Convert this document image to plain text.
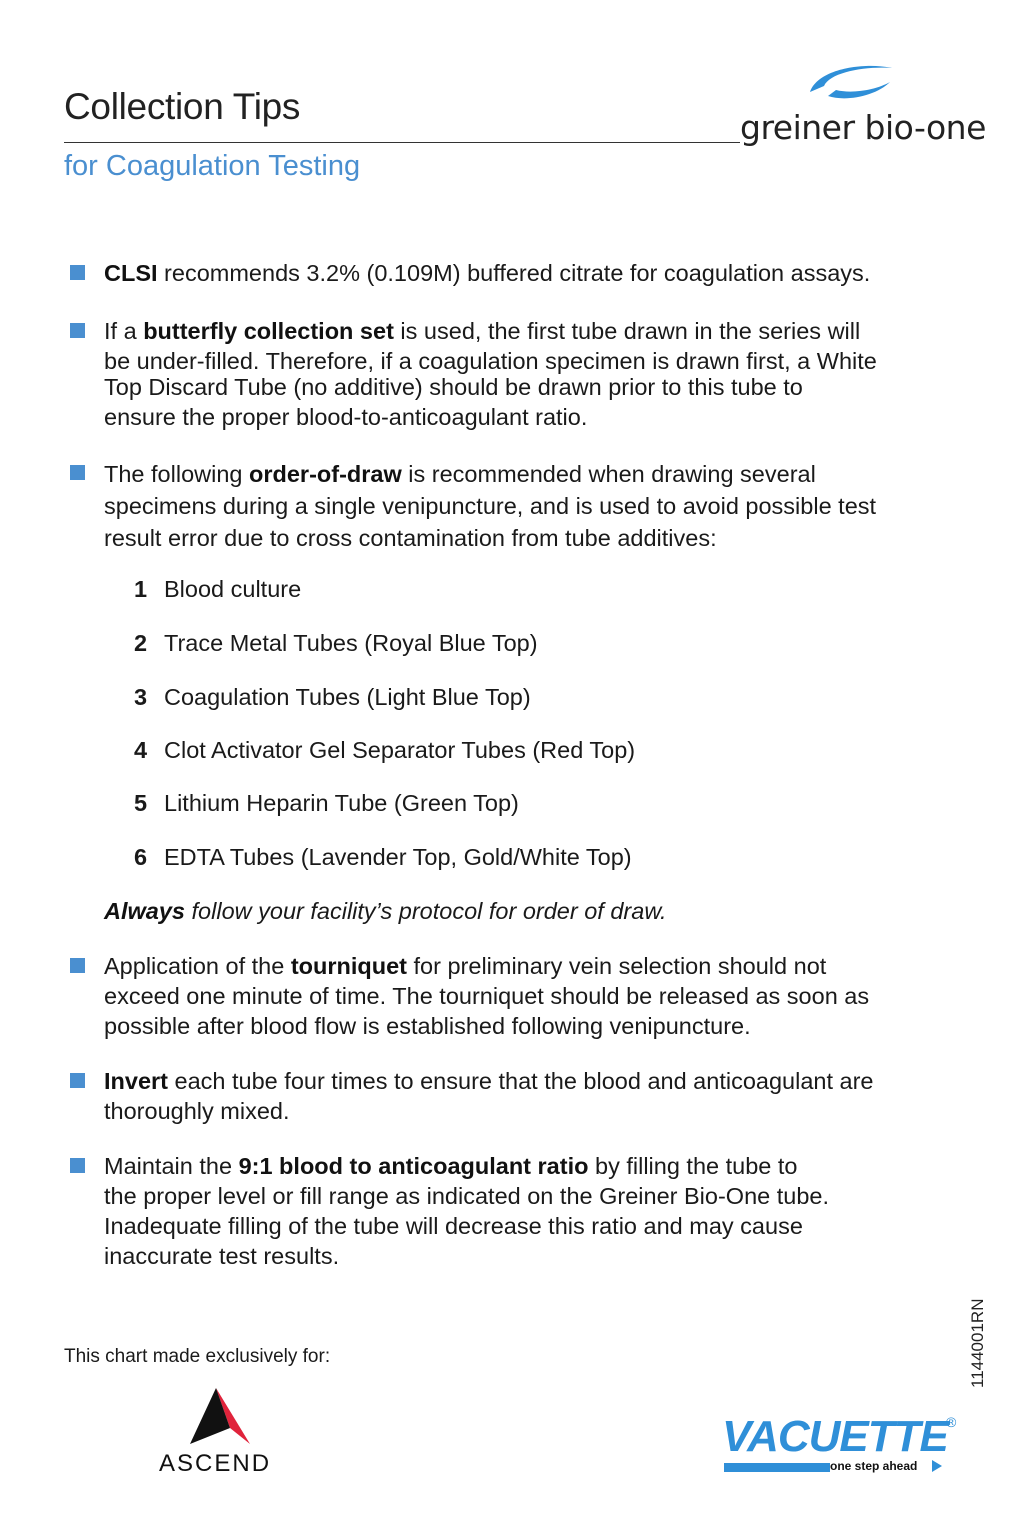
Collection Tips
for Coagulation Testing
greiner bio-one
CLSI recommends 3.2% (0.109M) buffered citrate for coagulation assays.
If a butterfly collection set is used, the first tube drawn in the series will
be under-filled. Therefore, if a coagulation specimen is drawn first, a White
Top Discard Tube (no additive) should be drawn prior to this tube to
ensure the proper blood-to-anticoagulant ratio.
The following order-of-draw is recommended when drawing several
specimens during a single venipuncture, and is used to avoid possible test
result error due to cross contamination from tube additives:
1 Blood culture
2 Trace Metal Tubes (Royal Blue Top)
3 Coagulation Tubes (Light Blue Top)
4 Clot Activator Gel Separator Tubes (Red Top)
5 Lithium Heparin Tube (Green Top)
6 EDTA Tubes (Lavender Top, Gold/White Top)
Always follow your facility’s protocol for order of draw.
Application of the tourniquet for preliminary vein selection should not
exceed one minute of time. The tourniquet should be released as soon as
possible after blood flow is established following venipuncture.
Invert each tube four times to ensure that the blood and anticoagulant are
thoroughly mixed.
Maintain the 9:1 blood to anticoagulant ratio by filling the tube to
the proper level or fill range as indicated on the Greiner Bio-One tube.
Inadequate filling of the tube will decrease this ratio and may cause
inaccurate test results.
This chart made exclusively for:	1144001RN
ASCEND
VACUETTE
®
one step ahead
